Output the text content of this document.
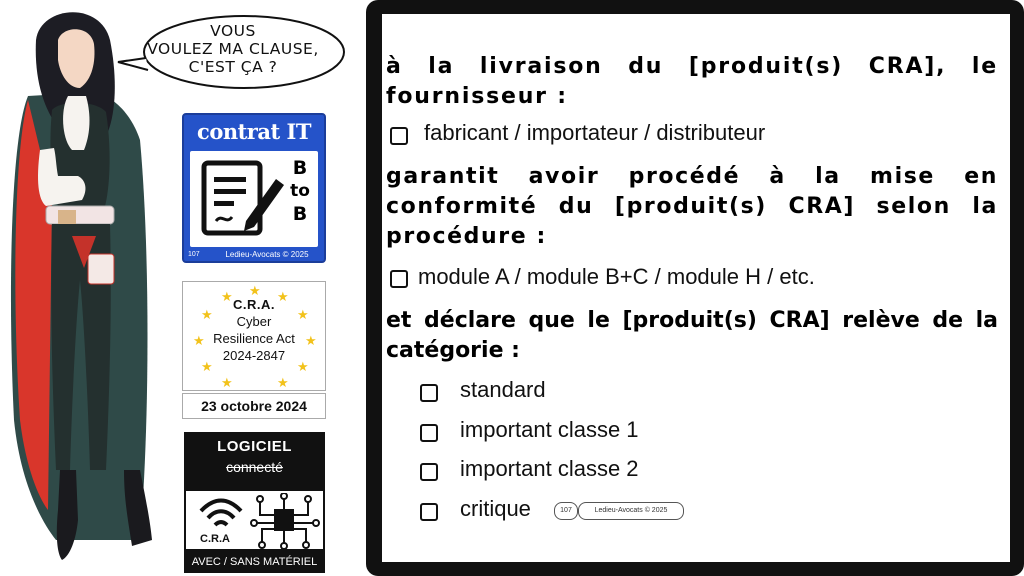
VOUS
VOULEZ MA CLAUSE,
C'EST ÇA ?
contrat IT
B
to
B
107	Ledieu-Avocats © 2025
★
★	★
★	★
★	★
★	★
★	★
C.R.A.
Cyber
Resilience Act
2024-2847
23 octobre 2024
LOGICIEL
connecté
C.R.A
AVEC / SANS MATÉRIEL
à la livraison du [produit(s) CRA], le fournisseur :
fabricant / importateur / distributeur
garantit avoir procédé à la mise en conformité du [produit(s) CRA] selon la procédure :
module A / module B+C / module H / etc.
et déclare que le [produit(s) CRA] relève de la catégorie :
standard
important classe 1
important classe 2
critique	107	Ledieu-Avocats © 2025
